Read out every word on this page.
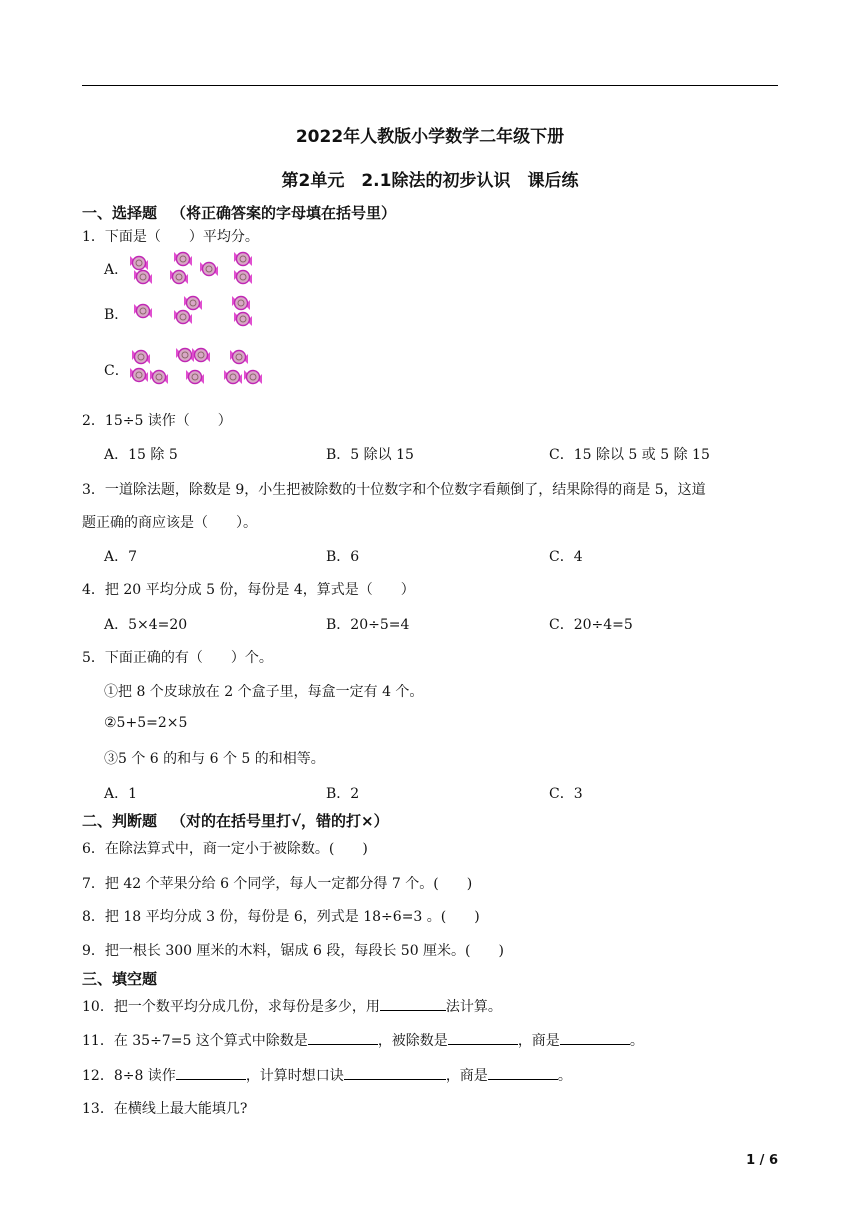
2022年人教版小学数学二年级下册
第2单元　2.1除法的初步认识　课后练
一、选择题 （将正确答案的字母填在括号里）
1．下面是（　　）平均分。
A．
B．
C．
2．15÷5 读作（　　）
A．15 除 5	B．5 除以 15	C．15 除以 5 或 5 除 15
3．一道除法题，除数是 9，小生把被除数的十位数字和个位数字看颠倒了，结果除得的商是 5，这道
题正确的商应该是（　　）。
A．7	B．6	C．4
4．把 20 平均分成 5 份，每份是 4，算式是（　　）
A．5×4=20	B．20÷5=4	C．20÷4=5
5．下面正确的有（　　）个。
①把 8 个皮球放在 2 个盒子里，每盒一定有 4 个。
②5+5=2×5
③5 个 6 的和与 6 个 5 的和相等。
A．1	B．2	C．3
二、判断题 （对的在括号里打√，错的打×）
6．在除法算式中，商一定小于被除数。(　　)
7．把 42 个苹果分给 6 个同学，每人一定都分得 7 个。(　　)
8．把 18 平均分成 3 份，每份是 6，列式是 18÷6=3 。(　　)
9．把一根长 300 厘米的木料，锯成 6 段，每段长 50 厘米。(　　)
三、填空题
10．把一个数平均分成几份，求每份是多少，用	法计算。
11．在 35÷7=5 这个算式中除数是	，被除数是	，商是	。
12．8÷8 读作	，计算时想口诀	，商是	。
13．在横线上最大能填几?
1 / 6
